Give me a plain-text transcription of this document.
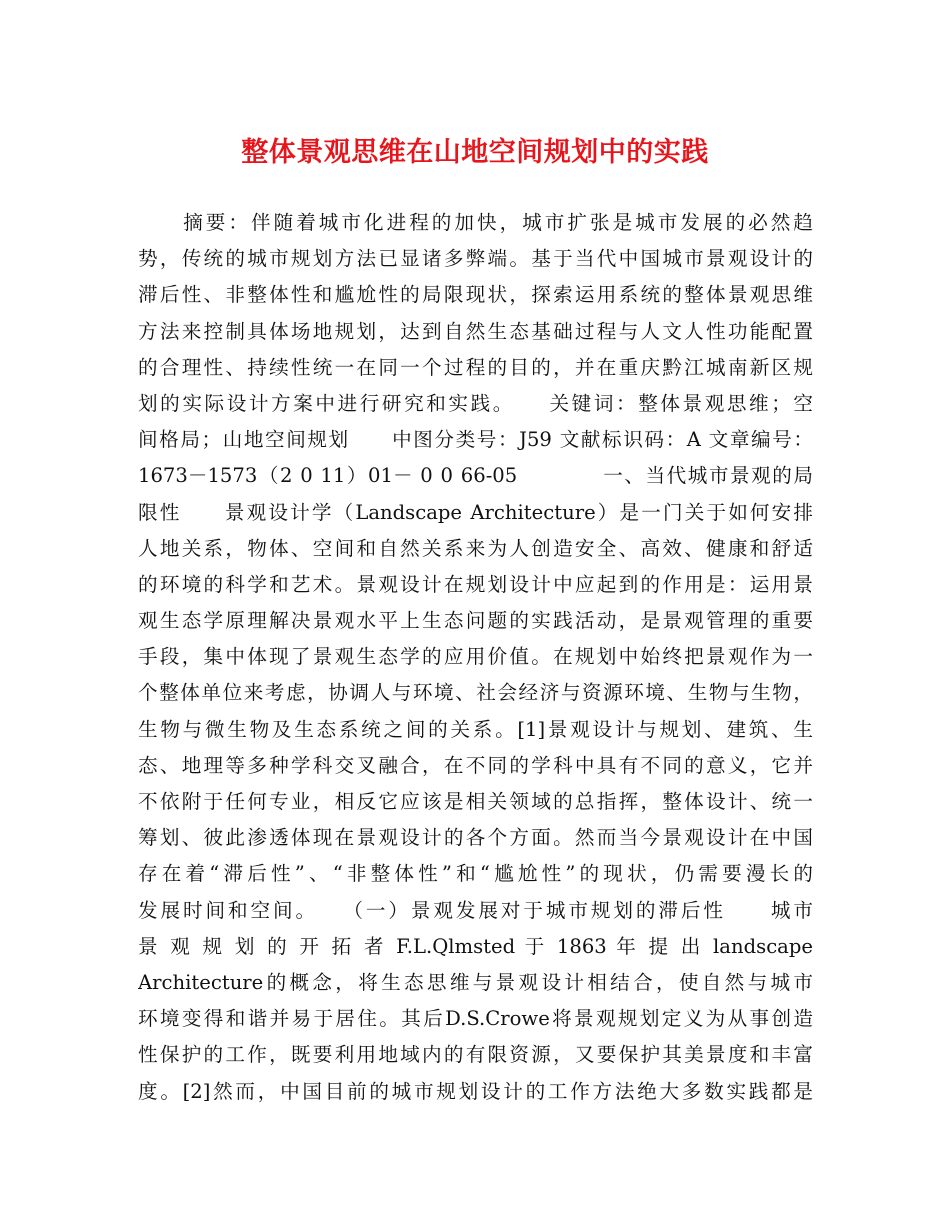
整体景观思维在山地空间规划中的实践
　　摘要：伴随着城市化进程的加快，城市扩张是城市发展的必然趋
势，传统的城市规划方法已显诸多弊端。基于当代中国城市景观设计的
滞后性、非整体性和尴尬性的局限现状，探索运用系统的整体景观思维
方法来控制具体场地规划，达到自然生态基础过程与人文人性功能配置
的合理性、持续性统一在同一个过程的目的，并在重庆黔江城南新区规
划的实际设计方案中进行研究和实践。　　关键词：整体景观思维；空
间格局；山地空间规划　　中图分类号：J59 文献标识码：A 文章编号：
1673－1573（2 0 11）01－ 0 0 66-05　　　　一、当代城市景观的局
限性　　景观设计学（Landscape Architecture）是一门关于如何安排
人地关系，物体、空间和自然关系来为人创造安全、高效、健康和舒适
的环境的科学和艺术。景观设计在规划设计中应起到的作用是：运用景
观生态学原理解决景观水平上生态问题的实践活动，是景观管理的重要
手段，集中体现了景观生态学的应用价值。在规划中始终把景观作为一
个整体单位来考虑，协调人与环境、社会经济与资源环境、生物与生物，
生物与微生物及生态系统之间的关系。[1]景观设计与规划、建筑、生
态、地理等多种学科交叉融合，在不同的学科中具有不同的意义，它并
不依附于任何专业，相反它应该是相关领域的总指挥，整体设计、统一
筹划、彼此渗透体现在景观设计的各个方面。然而当今景观设计在中国
存在着“滞后性”、“非整体性”和“尴尬性”的现状，仍需要漫长的
发展时间和空间。　　（一）景观发展对于城市规划的滞后性　　城市
景 观 规 划 的 开 拓 者 F.L.Qlmsted 于 1863 年 提 出 landscape
Architecture的概念，将生态思维与景观设计相结合，使自然与城市
环境变得和谐并易于居住。其后D.S.Crowe将景观规划定义为从事创造
性保护的工作，既要利用地域内的有限资源，又要保护其美景度和丰富
度。[2]然而，中国目前的城市规划设计的工作方法绝大多数实践都是
